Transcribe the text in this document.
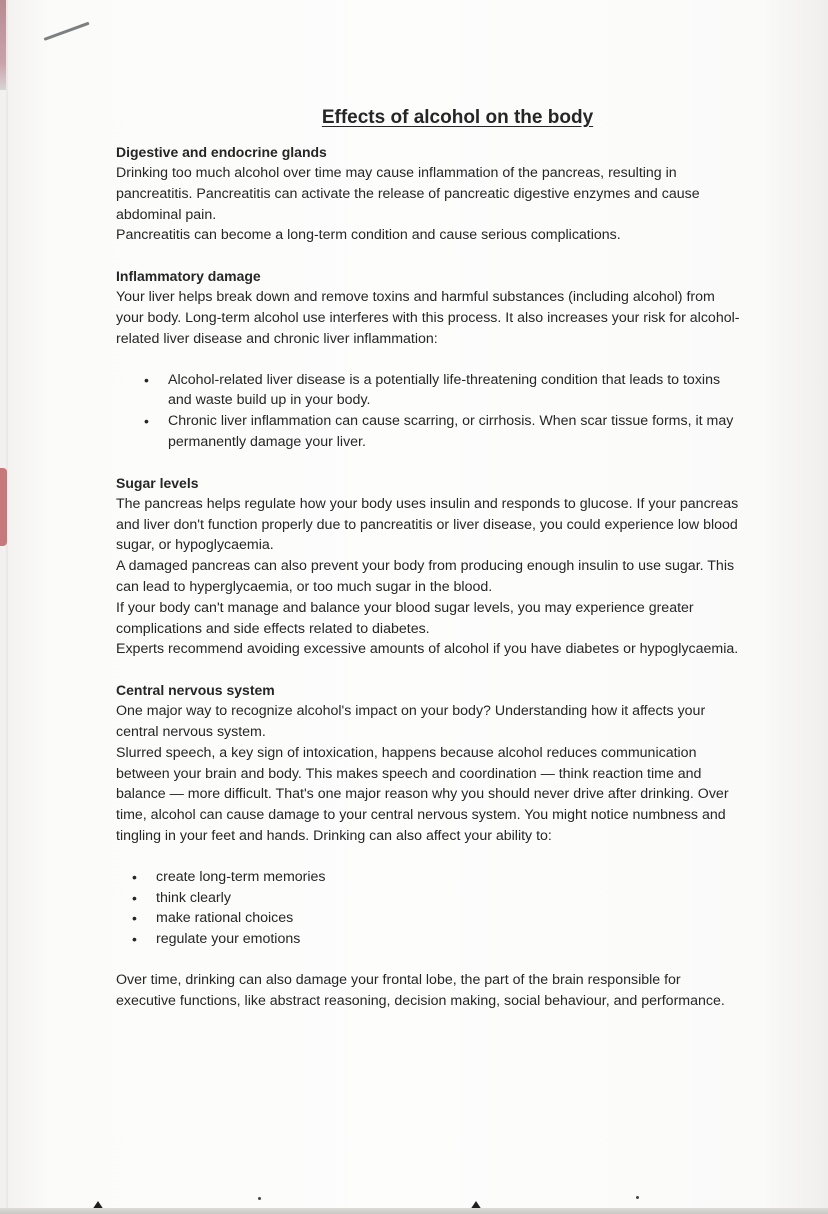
Effects of alcohol on the body
Digestive and endocrine glands

Drinking too much alcohol over time may cause inflammation of the pancreas, resulting in pancreatitis. Pancreatitis can activate the release of pancreatic digestive enzymes and cause abdominal pain.

Pancreatitis can become a long-term condition and cause serious complications.

Inflammatory damage

Your liver helps break down and remove toxins and harmful substances (including alcohol) from your body. Long-term alcohol use interferes with this process. It also increases your risk for alcohol-related liver disease and chronic liver inflammation:

• Alcohol-related liver disease is a potentially life-threatening condition that leads to toxins and waste build up in your body.
• Chronic liver inflammation can cause scarring, or cirrhosis. When scar tissue forms, it may permanently damage your liver.
Sugar levels

The pancreas helps regulate how your body uses insulin and responds to glucose. If your pancreas and liver don't function properly due to pancreatitis or liver disease, you could experience low blood sugar, or hypoglycaemia.

A damaged pancreas can also prevent your body from producing enough insulin to use sugar. This can lead to hyperglycaemia, or too much sugar in the blood.

If your body can't manage and balance your blood sugar levels, you may experience greater complications and side effects related to diabetes.

Experts recommend avoiding excessive amounts of alcohol if you have diabetes or hypoglycaemia.

Central nervous system

One major way to recognize alcohol's impact on your body? Understanding how it affects your central nervous system.

Slurred speech, a key sign of intoxication, happens because alcohol reduces communication between your brain and body. This makes speech and coordination — think reaction time and balance — more difficult. That's one major reason why you should never drive after drinking. Over time, alcohol can cause damage to your central nervous system. You might notice numbness and tingling in your feet and hands. Drinking can also affect your ability to:

• create long-term memories
• think clearly
• make rational choices
• regulate your emotions

Over time, drinking can also damage your frontal lobe, the part of the brain responsible for executive functions, like abstract reasoning, decision making, social behaviour, and performance.
